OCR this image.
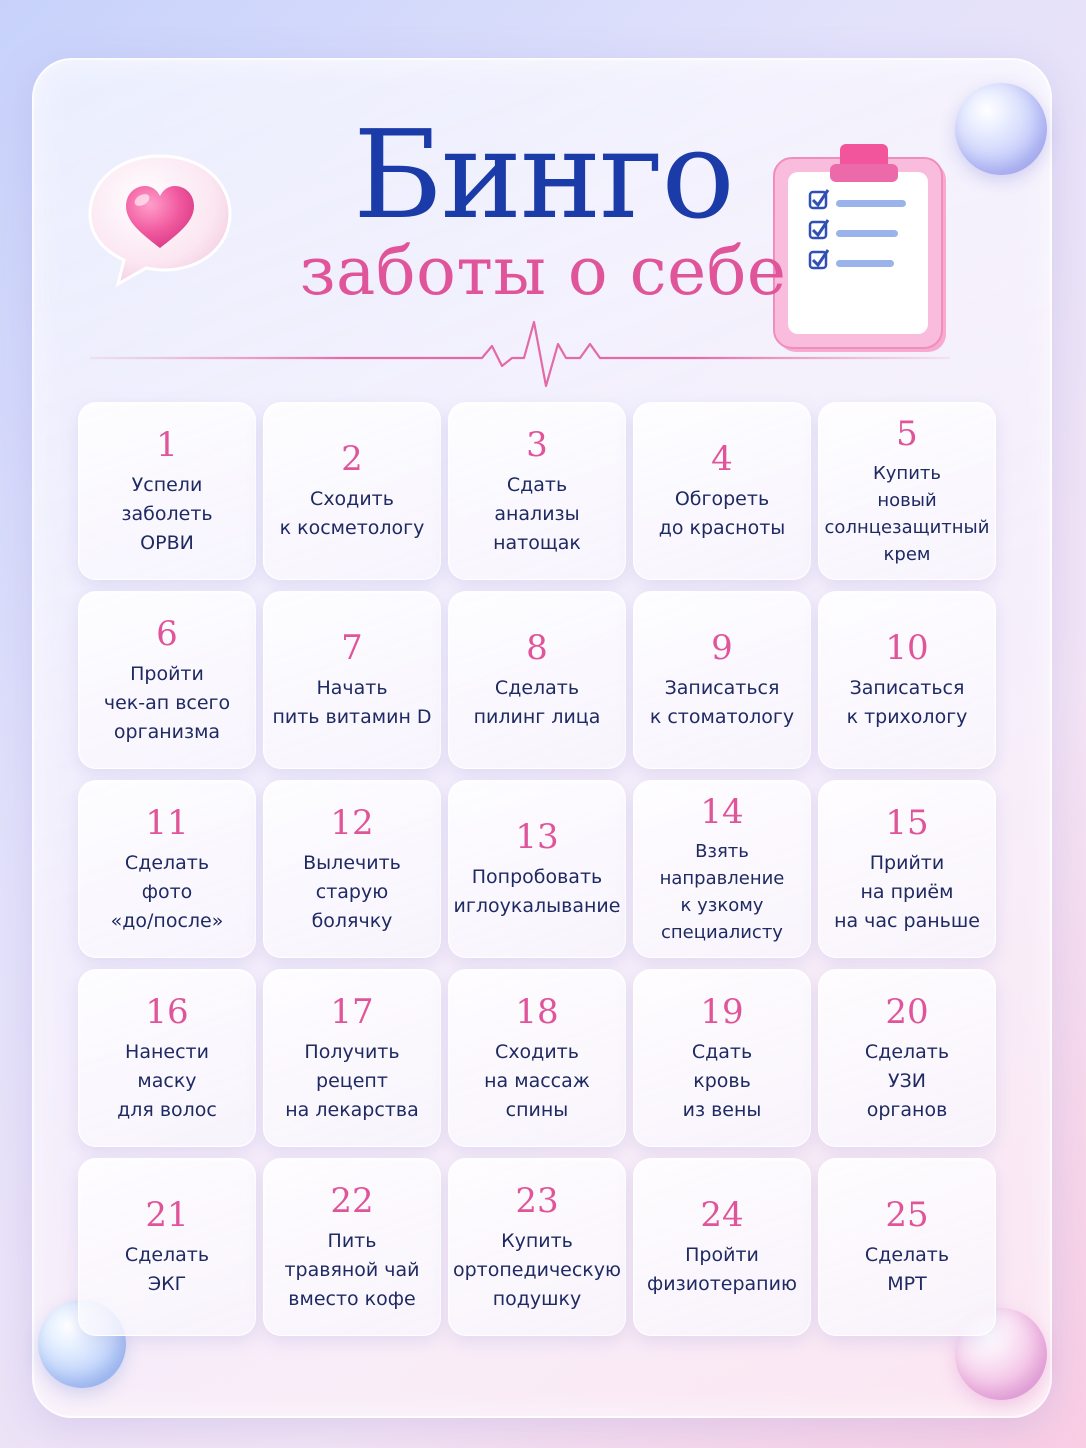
Бинго
заботы о себе
1
Успели
заболеть
ОРВИ
2
Сходить
к косметологу
3
Сдать
анализы
натощак
4
Обгореть
до красноты
5
Купить
новый
солнцезащитный
крем
6
Пройти
чек-ап всего
организма
7
Начать
пить витамин D
8
Сделать
пилинг лица
9
Записаться
к стоматологу
10
Записаться
к трихологу
11
Сделать
фото
«до/после»
12
Вылечить
старую
болячку
13
Попробовать
иглоукалывание
14
Взять
направление
к узкому
специалисту
15
Прийти
на приём
на час раньше
16
Нанести
маску
для волос
17
Получить
рецепт
на лекарства
18
Сходить
на массаж
спины
19
Сдать
кровь
из вены
20
Сделать
УЗИ
органов
21
Сделать
ЭКГ
22
Пить
травяной чай
вместо кофе
23
Купить
ортопедическую
подушку
24
Пройти
физиотерапию
25
Сделать
МРТ
